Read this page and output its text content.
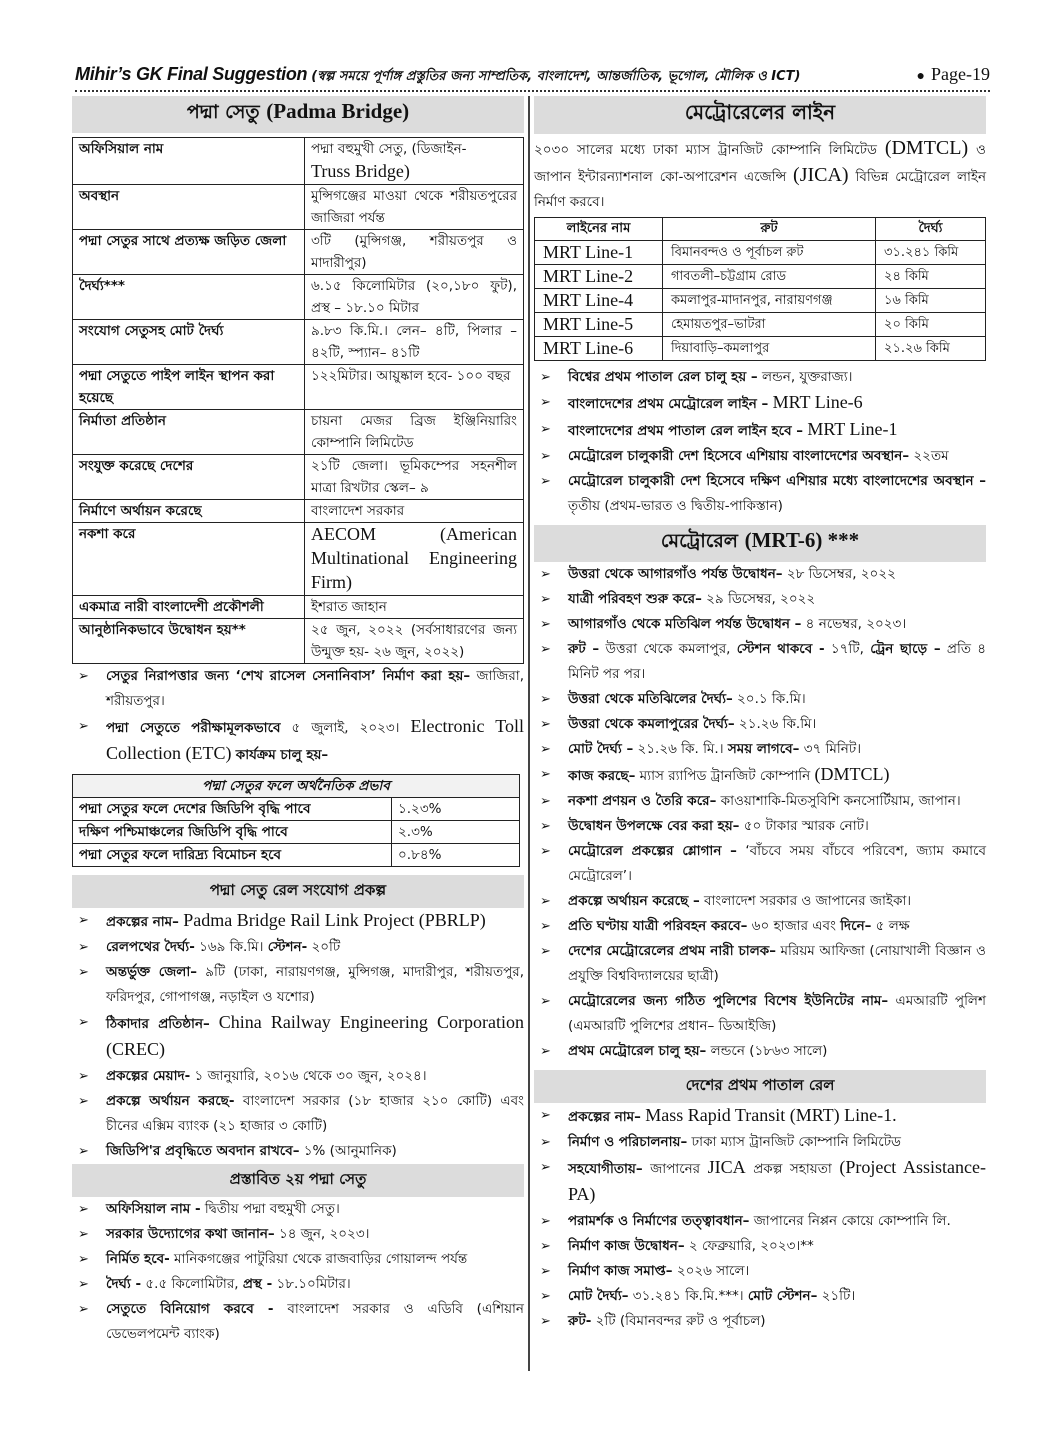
Mihir’s GK Final Suggestion (স্বল্প সময়ে পূর্ণাঙ্গ প্রস্তুতির জন্য সাম্প্রতিক, বাংলাদেশ, আন্তর্জাতিক, ভূগোল, মৌলিক ও ICT)	● Page-19
পদ্মা সেতু (Padma Bridge)
অফিসিয়াল নাম	পদ্মা বহুমুখী সেতু, (ডিজাইন-
Truss Bridge)
অবস্থান	মুন্সিগঞ্জের মাওয়া থেকে শরীয়তপুরের জাজিরা পর্যন্ত
পদ্মা সেতুর সাথে প্রত্যক্ষ জড়িত জেলা	৩টি (মুন্সিগঞ্জ, শরীয়তপুর ও মাদারীপুর)
দৈর্ঘ্য***	৬.১৫ কিলোমিটার (২০,১৮০ ফুট), প্রস্থ – ১৮.১০ মিটার
সংযোগ সেতুসহ মোট দৈর্ঘ্য	৯.৮৩ কি.মি.। লেন– ৪টি, পিলার – ৪২টি, স্প্যান– ৪১টি
পদ্মা সেতুতে পাইপ লাইন স্থাপন করা হয়েছে	১২২মিটার। আয়ুষ্কাল হবে- ১০০ বছর
নির্মাতা প্রতিষ্ঠান	চায়না মেজর ব্রিজ ইঞ্জিনিয়ারিং কোম্পানি লিমিটেড
সংযুক্ত করেছে দেশের	২১টি জেলা। ভূমিকম্পের সহনশীল মাত্রা রিখটার স্কেল– ৯
নির্মাণে অর্থায়ন করেছে	বাংলাদেশ সরকার
নকশা করে	AECOM (American Multinational Engineering Firm)
একমাত্র নারী বাংলাদেশী প্রকৌশলী	ইশরাত জাহান
আনুষ্ঠানিকভাবে উদ্বোধন হয়**	২৫ জুন, ২০২২ (সর্বসাধারণের জন্য উন্মুক্ত হয়- ২৬ জুন, ২০২২)
➢ সেতুর নিরাপত্তার জন্য ‘শেখ রাসেল সেনানিবাস’ নির্মাণ করা হয়– জাজিরা, শরীয়তপুর।
➢ পদ্মা সেতুতে পরীক্ষামূলকভাবে ৫ জুলাই, ২০২৩। Electronic Toll Collection (ETC) কার্যক্রম চালু হয়–
পদ্মা সেতুর ফলে অর্থনৈতিক প্রভাব	
পদ্মা সেতুর ফলে দেশের জিডিপি বৃদ্ধি পাবে	১.২৩%
দক্ষিণ পশ্চিমাঞ্চলের জিডিপি বৃদ্ধি পাবে	২.৩%
পদ্মা সেতুর ফলে দারিদ্র্য বিমোচন হবে	০.৮৪%
পদ্মা সেতু রেল সংযোগ প্রকল্প
➢ প্রকল্পের নাম– Padma Bridge Rail Link Project (PBRLP)
➢ রেলপথের দৈর্ঘ্য- ১৬৯ কি.মি। স্টেশন- ২০টি
➢ অন্তর্ভুক্ত জেলা– ৯টি (ঢাকা, নারায়ণগঞ্জ, মুন্সিগঞ্জ, মাদারীপুর, শরীয়তপুর, ফরিদপুর, গোপাগঞ্জ, নড়াইল ও যশোর)
➢ ঠিকাদার প্রতিষ্ঠান– China Railway Engineering Corporation (CREC)
➢ প্রকল্পের মেয়াদ- ১ জানুয়ারি, ২০১৬ থেকে ৩০ জুন, ২০২৪।
➢ প্রকল্পে অর্থায়ন করছে- বাংলাদেশ সরকার (১৮ হাজার ২১০ কোটি) এবং চীনের এক্সিম ব্যাংক (২১ হাজার ৩ কোটি)
➢ জিডিপি'র প্রবৃদ্ধিতে অবদান রাখবে– ১% (আনুমানিক)
প্রস্তাবিত ২য় পদ্মা সেতু
➢ অফিসিয়াল নাম - দ্বিতীয় পদ্মা বহুমুখী সেতু।
➢ সরকার উদ্যোগের কথা জানান– ১৪ জুন, ২০২৩।
➢ নির্মিত হবে- মানিকগঞ্জের পাটুরিয়া থেকে রাজবাড়ির গোয়ালন্দ পর্যন্ত
➢ দৈর্ঘ্য - ৫.৫ কিলোমিটার, প্রস্থ - ১৮.১০মিটার।
➢ সেতুতে বিনিয়োগ করবে - বাংলাদেশ সরকার ও এডিবি (এশিয়ান ডেভেলপমেন্ট ব্যাংক)
মেট্রোরেলের লাইন

২০৩০ সালের মধ্যে ঢাকা ম্যাস ট্রানজিট কোম্পানি লিমিটেড (DMTCL) ও জাপান ইন্টারন্যাশনাল কো-অপারেশন এজেন্সি (JICA) বিভিন্ন মেট্রোরেল লাইন নির্মাণ করবে।

লাইনের নাম	রুট	দৈর্ঘ্য
MRT Line-1	বিমানবন্দও ও পূর্বাচল রুট	৩১.২৪১ কিমি
MRT Line-2	গাবতলী–চট্টগ্রাম রোড	২৪ কিমি
MRT Line-4	কমলাপুর-মাদানপুর, নারায়ণগঞ্জ	১৬ কিমি
MRT Line-5	হেমায়তপুর–ভাটরা	২০ কিমি
MRT Line-6	দিয়াবাড়ি–কমলাপুর	২১.২৬ কিমি
➢ বিশ্বের প্রথম পাতাল রেল চালু হয় – লন্ডন, যুক্তরাজ্য।
➢ বাংলাদেশের প্রথম মেট্রোরেল লাইন – MRT Line-6
➢ বাংলাদেশের প্রথম পাতাল রেল লাইন হবে – MRT Line-1
➢ মেট্রোরেল চালুকারী দেশ হিসেবে এশিয়ায় বাংলাদেশের অবস্থান– ২২তম
➢ মেট্রোরেল চালুকারী দেশ হিসেবে দক্ষিণ এশিয়ার মধ্যে বাংলাদেশের অবস্থান – তৃতীয় (প্রথম-ভারত ও দ্বিতীয়-পাকিস্তান)
মেট্রোরেল (MRT-6) ***
➢ উত্তরা থেকে আগারগাঁও পর্যন্ত উদ্বোধন– ২৮ ডিসেম্বর, ২০২২
➢ যাত্রী পরিবহণ শুরু করে– ২৯ ডিসেম্বর, ২০২২
➢ আগারগাঁও থেকে মতিঝিল পর্যন্ত উদ্বোধন – ৪ নভেম্বর, ২০২৩।
➢ রুট – উত্তরা থেকে কমলাপুর, স্টেশন থাকবে - ১৭টি, ট্রেন ছাড়ে – প্রতি ৪ মিনিট পর পর।
➢ উত্তরা থেকে মতিঝিলের দৈর্ঘ্য– ২০.১ কি.মি।
➢ উত্তরা থেকে কমলাপুরের দৈর্ঘ্য– ২১.২৬ কি.মি।
➢ মোট দৈর্ঘ্য – ২১.২৬ কি. মি.। সময় লাগবে– ৩৭ মিনিট।
➢ কাজ করছে– ম্যাস র‍্যাপিড ট্রানজিট কোম্পানি (DMTCL)
➢ নকশা প্রণয়ন ও তৈরি করে– কাওয়াশাকি-মিতসুবিশি কনসোর্টিয়াম, জাপান।
➢ উদ্বোধন উপলক্ষে বের করা হয়– ৫০ টাকার স্মারক নোট।
➢ মেট্রোরেল প্রকল্পের শ্লোগান – ‘বাঁচবে সময় বাঁচবে পরিবেশ, জ্যাম কমাবে মেট্রোরেল’।
➢ প্রকল্পে অর্থায়ন করেছে – বাংলাদেশ সরকার ও জাপানের জাইকা।
➢ প্রতি ঘণ্টায় যাত্রী পরিবহন করবে– ৬০ হাজার এবং দিনে– ৫ লক্ষ
➢ দেশের মেট্রোরেলের প্রথম নারী চালক– মরিয়ম আফিজা (নোয়াখালী বিজ্ঞান ও প্রযুক্তি বিশ্ববিদ্যালয়ের ছাত্রী)
➢ মেট্রোরেলের জন্য গঠিত পুলিশের বিশেষ ইউনিটের নাম– এমআরটি পুলিশ (এমআরটি পুলিশের প্রধান– ডিআইজি)
➢ প্রথম মেট্রোরেল চালু হয়– লন্ডনে (১৮৬৩ সালে)
দেশের প্রথম পাতাল রেল
➢ প্রকল্পের নাম– Mass Rapid Transit (MRT) Line-1.
➢ নির্মাণ ও পরিচালনায়– ঢাকা ম্যাস ট্রানজিট কোম্পানি লিমিটেড
➢ সহযোগীতায়– জাপানের JICA প্রকল্প সহায়তা (Project Assistance- PA)
➢ পরামর্শক ও নির্মাণের তত্ত্বাবধান– জাপানের নিপ্পন কোয়ে কোম্পানি লি.
➢ নির্মাণ কাজ উদ্বোধন– ২ ফেব্রুয়ারি, ২০২৩।**
➢ নির্মাণ কাজ সমাপ্ত– ২০২৬ সালে।
➢ মোট দৈর্ঘ্য– ৩১.২৪১ কি.মি.***। মোট স্টেশন– ২১টি।
➢ রুট- ২টি (বিমানবন্দর রুট ও পূর্বাচল)
